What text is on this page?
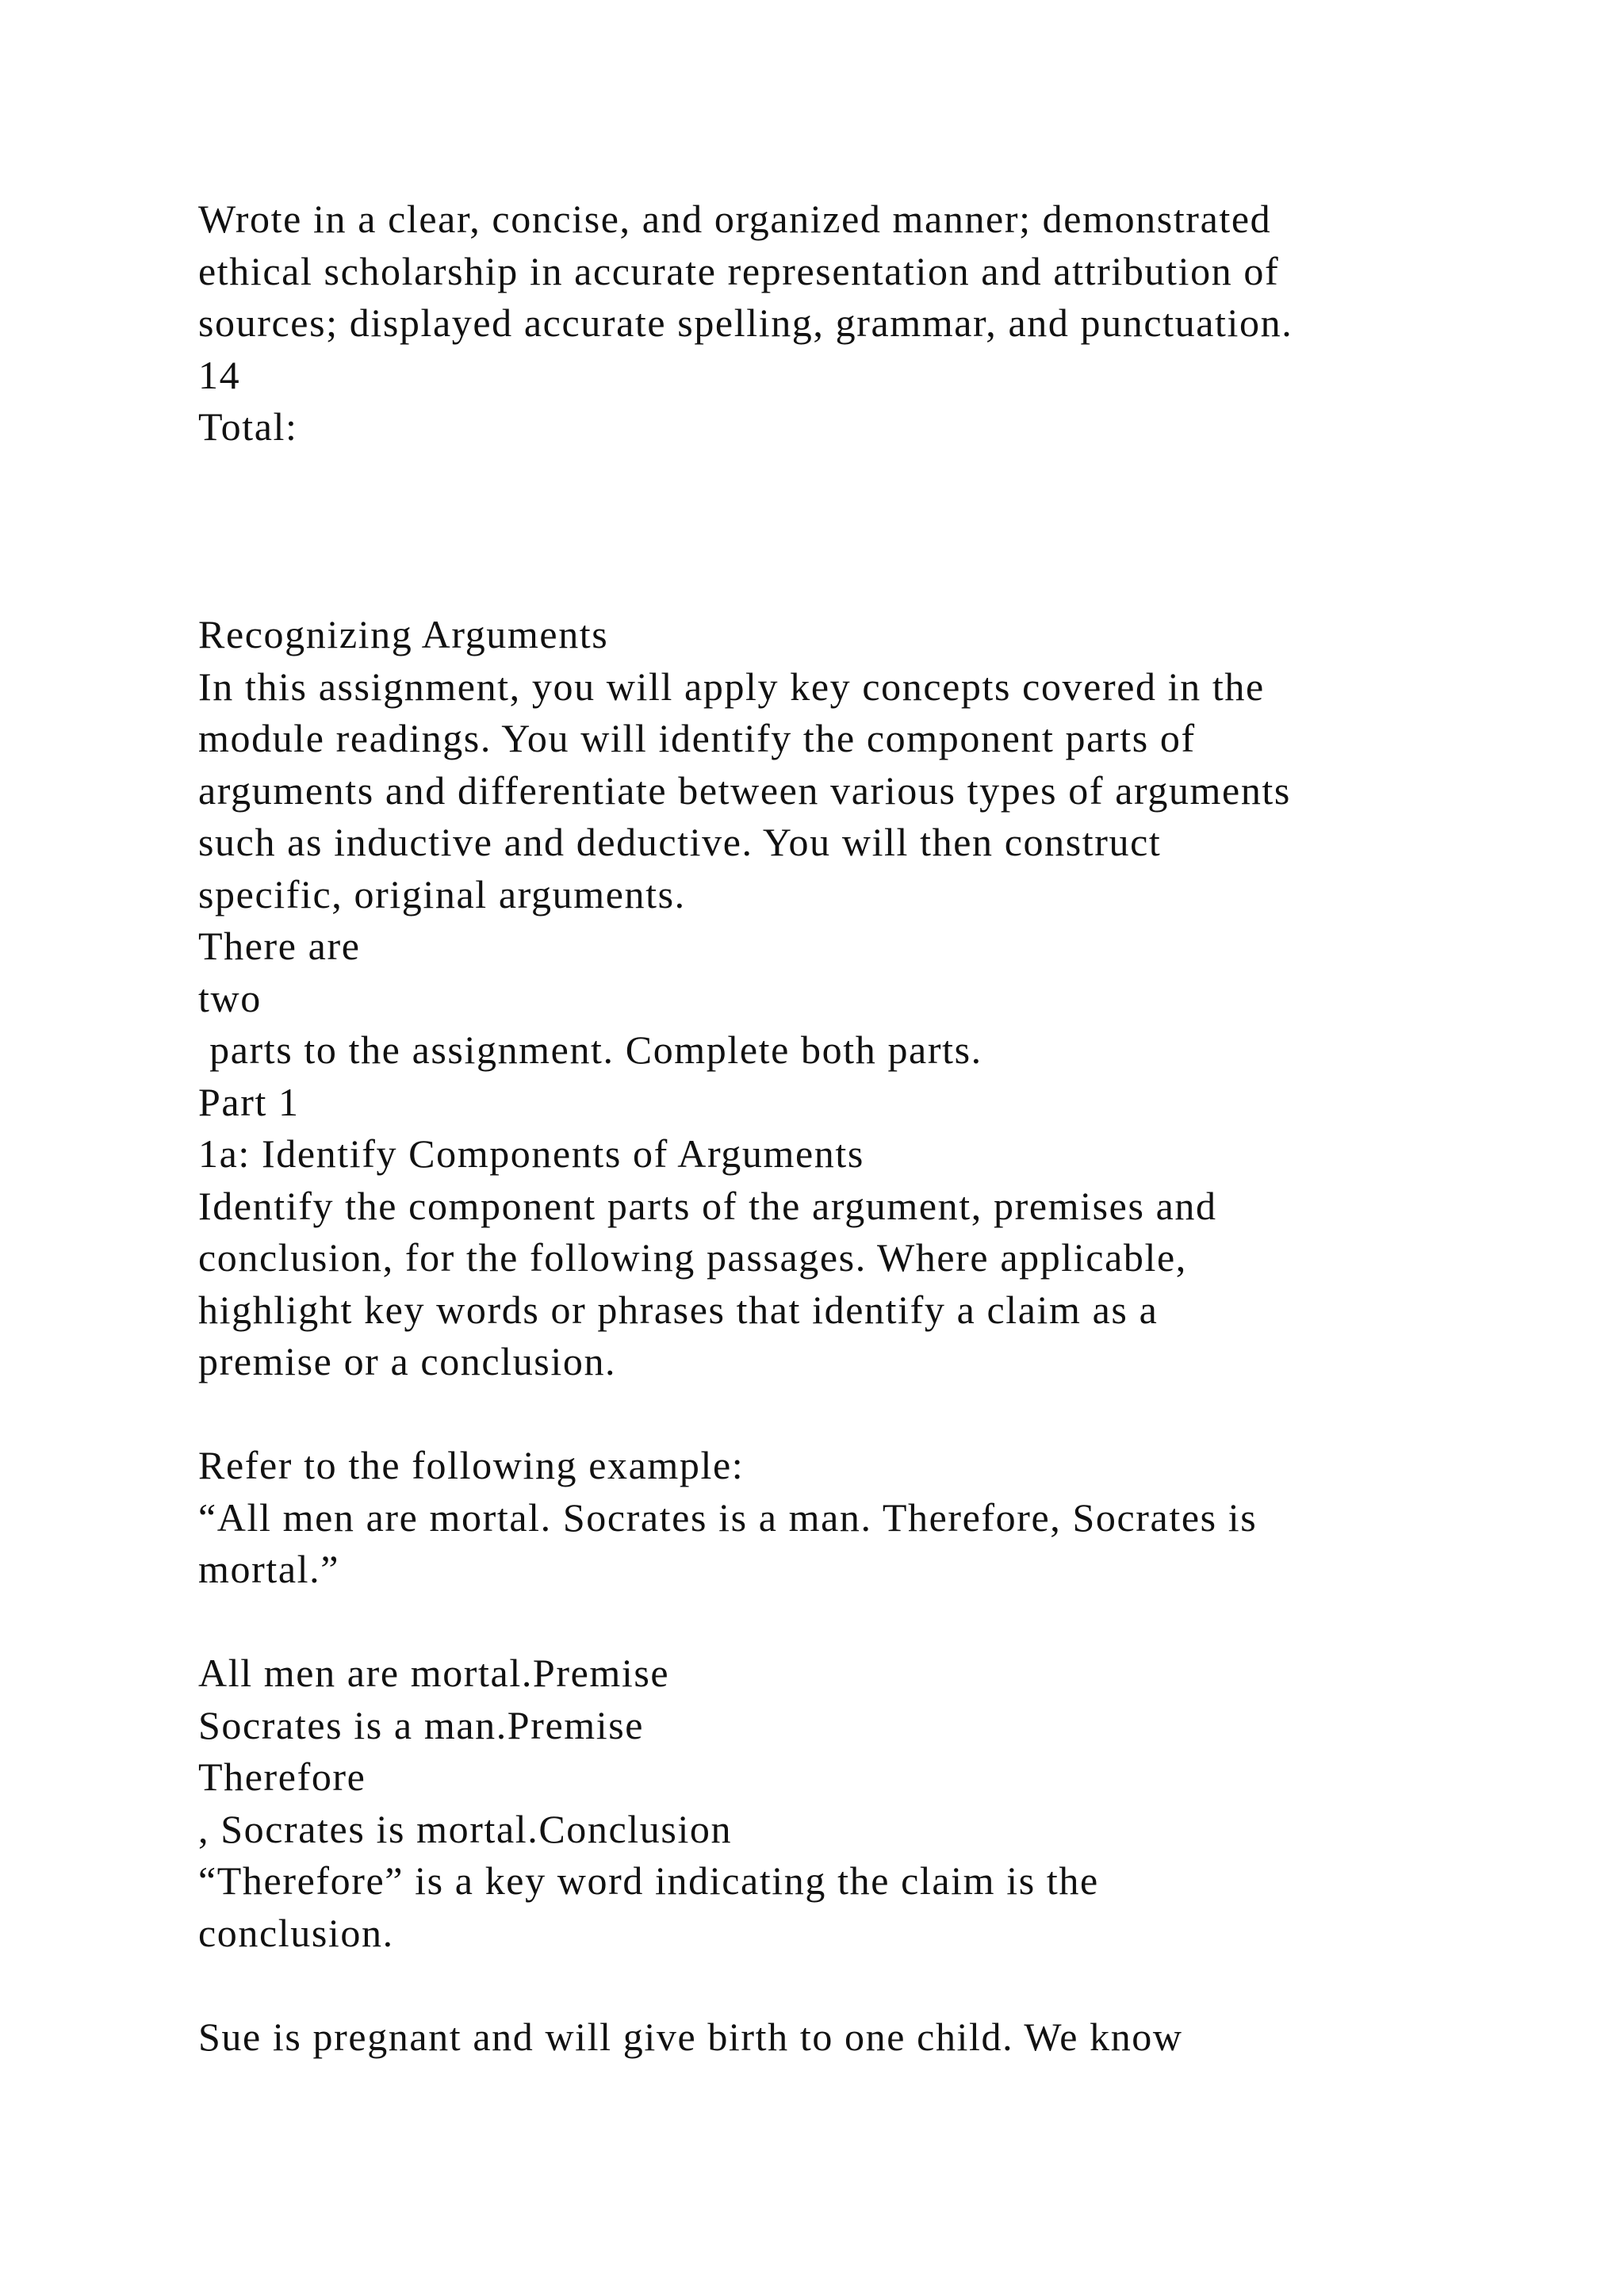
Wrote in a clear, concise, and organized manner; demonstrated
ethical scholarship in accurate representation and attribution of
sources; displayed accurate spelling, grammar, and punctuation.
14
Total:
Recognizing Arguments
In this assignment, you will apply key concepts covered in the
module readings. You will identify the component parts of
arguments and differentiate between various types of arguments
such as inductive and deductive. You will then construct
specific, original arguments.
There are
two
parts to the assignment. Complete both parts.
Part 1
1a: Identify Components of Arguments
Identify the component parts of the argument, premises and
conclusion, for the following passages. Where applicable,
highlight key words or phrases that identify a claim as a
premise or a conclusion.
Refer to the following example:
“All men are mortal. Socrates is a man. Therefore, Socrates is
mortal.”
All men are mortal.Premise
Socrates is a man.Premise
Therefore
, Socrates is mortal.Conclusion
“Therefore” is a key word indicating the claim is the
conclusion.
Sue is pregnant and will give birth to one child. We know
